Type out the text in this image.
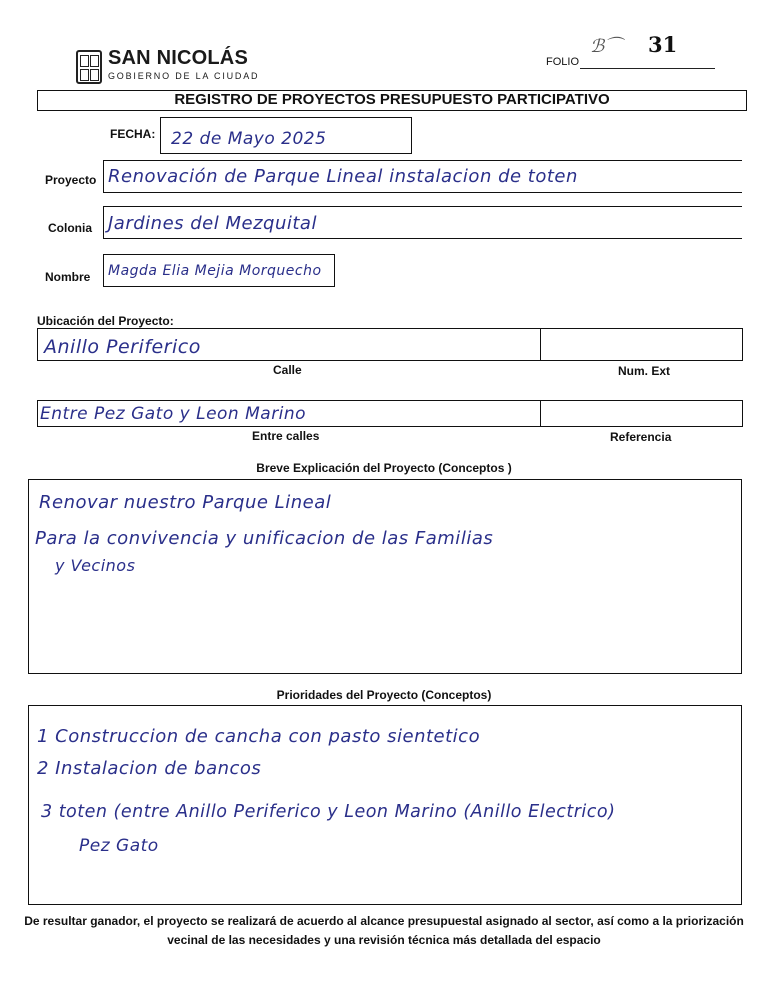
SAN NICOLÁS
GOBIERNO DE LA CIUDAD
ℬ⌒ 31
FOLIO
REGISTRO DE PROYECTOS PRESUPUESTO PARTICIPATIVO
FECHA: 22 de Mayo 2025
Proyecto Renovación de Parque Lineal instalacion de toten
Colonia Jardines del Mezquital
Nombre Magda Elia Mejia Morquecho
Ubicación del Proyecto:
Anillo Periferico
Calle	Num. Ext
Entre Pez Gato y Leon Marino
Entre calles	Referencia
Breve Explicación del Proyecto (Conceptos )
Renovar nuestro Parque Lineal
Para la convivencia y unificacion de las Familias
y Vecinos
Prioridades del Proyecto (Conceptos)
1 Construccion de cancha con pasto sientetico
2 Instalacion de bancos
3 toten (entre Anillo Periferico y Leon Marino (Anillo Electrico)
Pez Gato
De resultar ganador, el proyecto se realizará de acuerdo al alcance presupuestal asignado al sector, así como a la priorización
vecinal de las necesidades y una revisión técnica más detallada del espacio
